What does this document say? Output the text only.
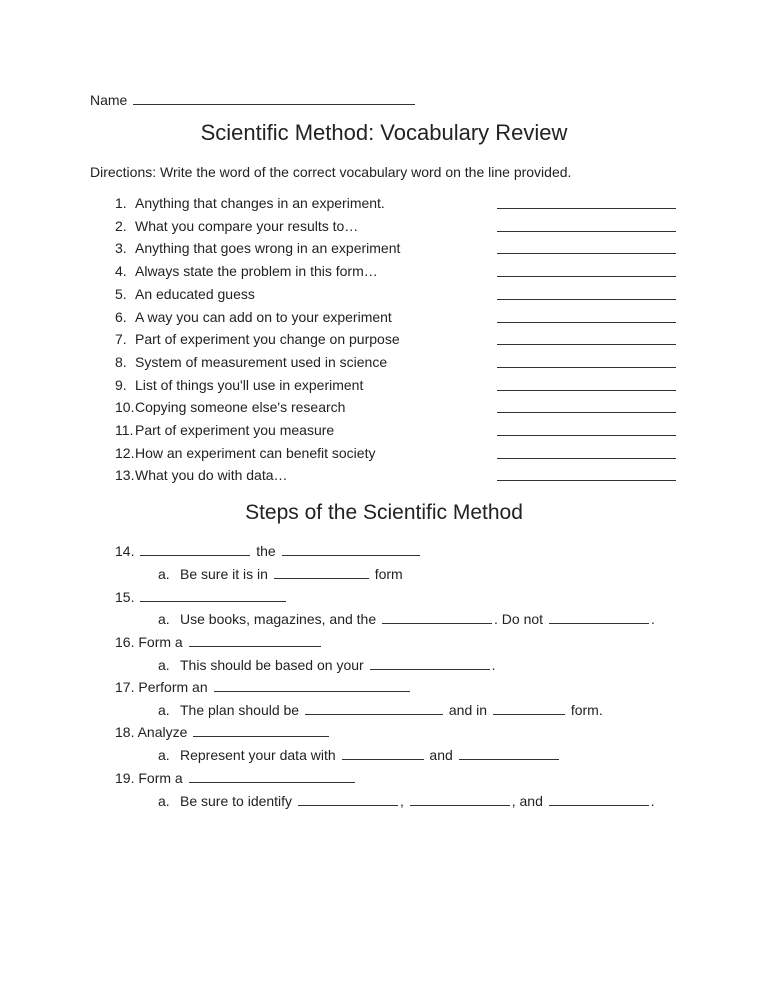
Name
Scientific Method: Vocabulary Review
Directions: Write the word of the correct vocabulary word on the line provided.
1. Anything that changes in an experiment.
2. What you compare your results to…
3. Anything that goes wrong in an experiment
4. Always state the problem in this form…
5. An educated guess
6. A way you can add on to your experiment
7. Part of experiment you change on purpose
8. System of measurement used in science
9. List of things you'll use in experiment
10.Copying someone else's research
11. Part of experiment you measure
12.How an experiment can benefit society
13.What you do with data…
Steps of the Scientific Method
14.	the
a. Be sure it is in	form
15.
a. Use books, magazines, and the	. Do not	.
16. Form a
a. This should be based on your	.
17. Perform an
a. The plan should be	and in	form.
18. Analyze
a. Represent your data with	and
19. Form a
a. Be sure to identify	,	, and	.
